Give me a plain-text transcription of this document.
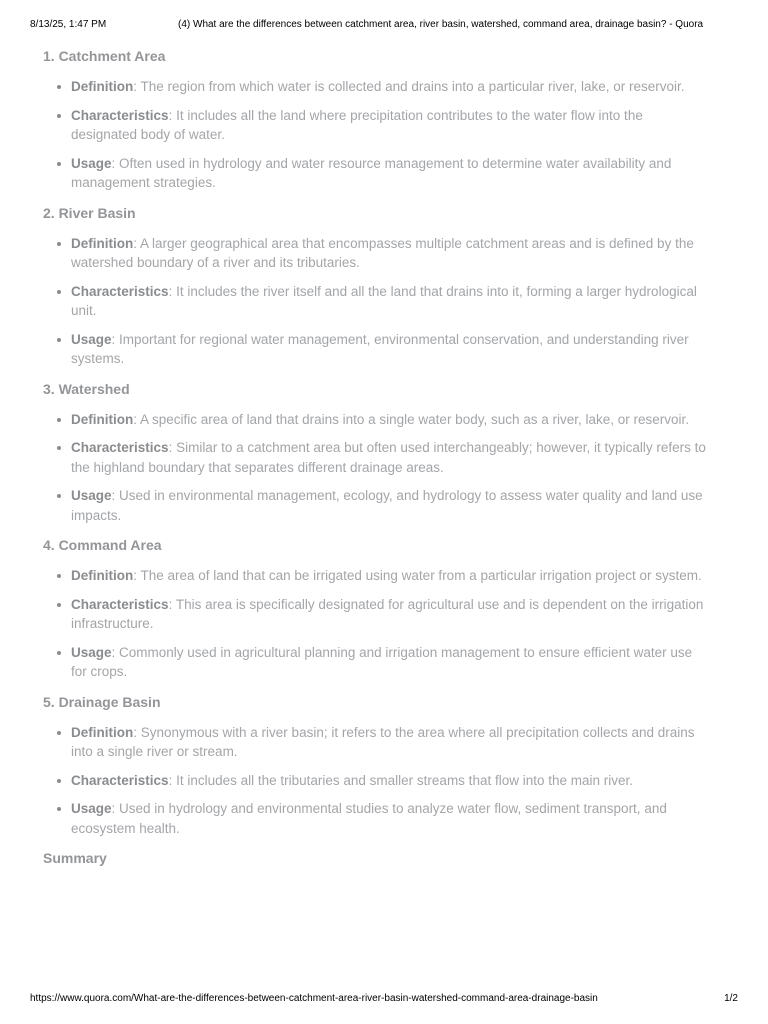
8/13/25, 1:47 PM	(4) What are the differences between catchment area, river basin, watershed, command area, drainage basin? - Quora

1. Catchment Area

Definition: The region from which water is collected and drains into a particular river, lake, or reservoir.
Characteristics: It includes all the land where precipitation contributes to the water flow into the designated body of water.
Usage: Often used in hydrology and water resource management to determine water availability and management strategies.

2. River Basin

Definition: A larger geographical area that encompasses multiple catchment areas and is defined by the watershed boundary of a river and its tributaries.
Characteristics: It includes the river itself and all the land that drains into it, forming a larger hydrological unit.
Usage: Important for regional water management, environmental conservation, and understanding river systems.

3. Watershed

Definition: A specific area of land that drains into a single water body, such as a river, lake, or reservoir.
Characteristics: Similar to a catchment area but often used interchangeably; however, it typically refers to the highland boundary that separates different drainage areas.
Usage: Used in environmental management, ecology, and hydrology to assess water quality and land use impacts.

4. Command Area

Definition: The area of land that can be irrigated using water from a particular irrigation project or system.
Characteristics: This area is specifically designated for agricultural use and is dependent on the irrigation infrastructure.
Usage: Commonly used in agricultural planning and irrigation management to ensure efficient water use for crops.

5. Drainage Basin

Definition: Synonymous with a river basin; it refers to the area where all precipitation collects and drains into a single river or stream.
Characteristics: It includes all the tributaries and smaller streams that flow into the main river.
Usage: Used in hydrology and environmental studies to analyze water flow, sediment transport, and ecosystem health.

Summary

https://www.quora.com/What-are-the-differences-between-catchment-area-river-basin-watershed-command-area-drainage-basin	1/2
